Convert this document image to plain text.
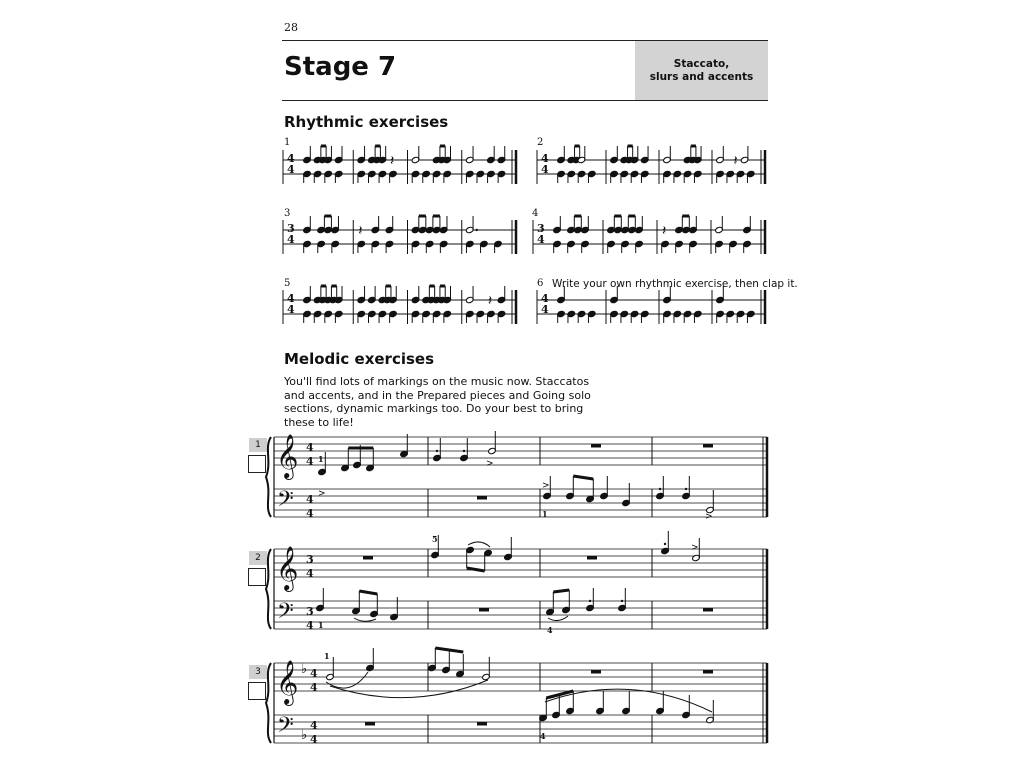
28
Stage 7	Staccato,
slurs and accents
Rhythmic exercises
1	2
3	4
5	6 Write your own rhythmic exercise, then clap it.
Melodic exercises
You'll find lots of markings on the music now. Staccatos and accents, and in the Prepared pieces and Going solo sections, dynamic markings too. Do your best to bring these to life!
1
2
3
4
4
𝄽	4
4
𝄽
3
4
𝄽	3
4
𝄽
4
4
𝄽	4
4
𝄞
𝄢
4
4
4
4
1
>
>
>
1	>
𝄞
𝄢
3
4
3
4
5
>
1	4
𝄞
𝄢
♭
♭
4
4
4
4
1
4
